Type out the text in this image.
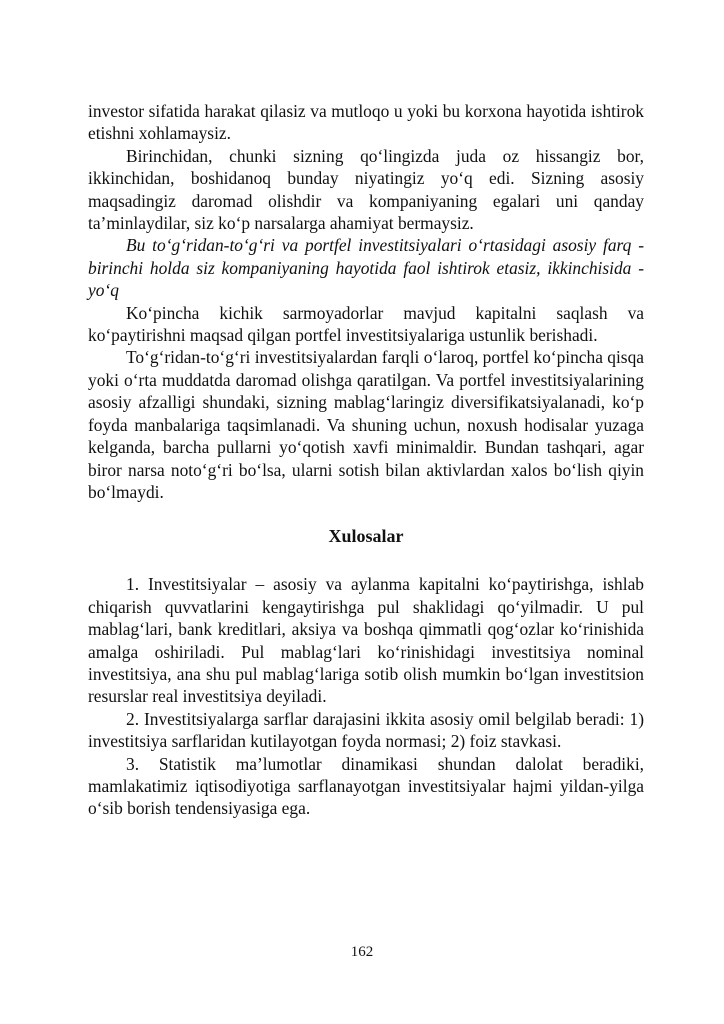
investor sifatida harakat qilasiz va mutloqo u yoki bu korxona hayotida ishtirok etishni xohlamaysiz.

Birinchidan, chunki sizning qo‘lingizda juda oz hissangiz bor, ikkinchidan, boshidanoq bunday niyatingiz yo‘q edi. Sizning asosiy maqsadingiz daromad olishdir va kompaniyaning egalari uni qanday ta’minlaydilar, siz ko‘p narsalarga ahamiyat bermaysiz.

Bu to‘g‘ridan-to‘g‘ri va portfel investitsiyalari o‘rtasidagi asosiy farq - birinchi holda siz kompaniyaning hayotida faol ishtirok etasiz, ikkinchisida - yo‘q

Ko‘pincha kichik sarmoyadorlar mavjud kapitalni saqlash va ko‘paytirishni maqsad qilgan portfel investitsiyalariga ustunlik berishadi.

To‘g‘ridan-to‘g‘ri investitsiyalardan farqli o‘laroq, portfel ko‘pincha qisqa yoki o‘rta muddatda daromad olishga qaratilgan. Va portfel investitsiyalarining asosiy afzalligi shundaki, sizning mablag‘laringiz diversifikatsiyalanadi, ko‘p foyda manbalariga taqsimlanadi. Va shuning uchun, noxush hodisalar yuzaga kelganda, barcha pullarni yo‘qotish xavfi minimaldir. Bundan tashqari, agar biror narsa noto‘g‘ri bo‘lsa, ularni sotish bilan aktivlardan xalos bo‘lish qiyin bo‘lmaydi.

Xulosalar

1. Investitsiyalar – asosiy va aylanma kapitalni ko‘paytirishga, ishlab chiqarish quvvatlarini kengaytirishga pul shaklidagi qo‘yilmadir. U pul mablag‘lari, bank kreditlari, aksiya va boshqa qimmatli qog‘ozlar ko‘rinishida amalga oshiriladi. Pul mablag‘lari ko‘rinishidagi investitsiya nominal investitsiya, ana shu pul mablag‘lariga sotib olish mumkin bo‘lgan investitsion resurslar real investitsiya deyiladi.

2. Investitsiyalarga sarflar darajasini ikkita asosiy omil belgilab beradi: 1) investitsiya sarflaridan kutilayotgan foyda normasi; 2) foiz stavkasi.

3. Statistik ma’lumotlar dinamikasi shundan dalolat beradiki, mamlakatimiz iqtisodiyotiga sarflanayotgan investitsiyalar hajmi yildan-yilga o‘sib borish tendensiyasiga ega.

162
